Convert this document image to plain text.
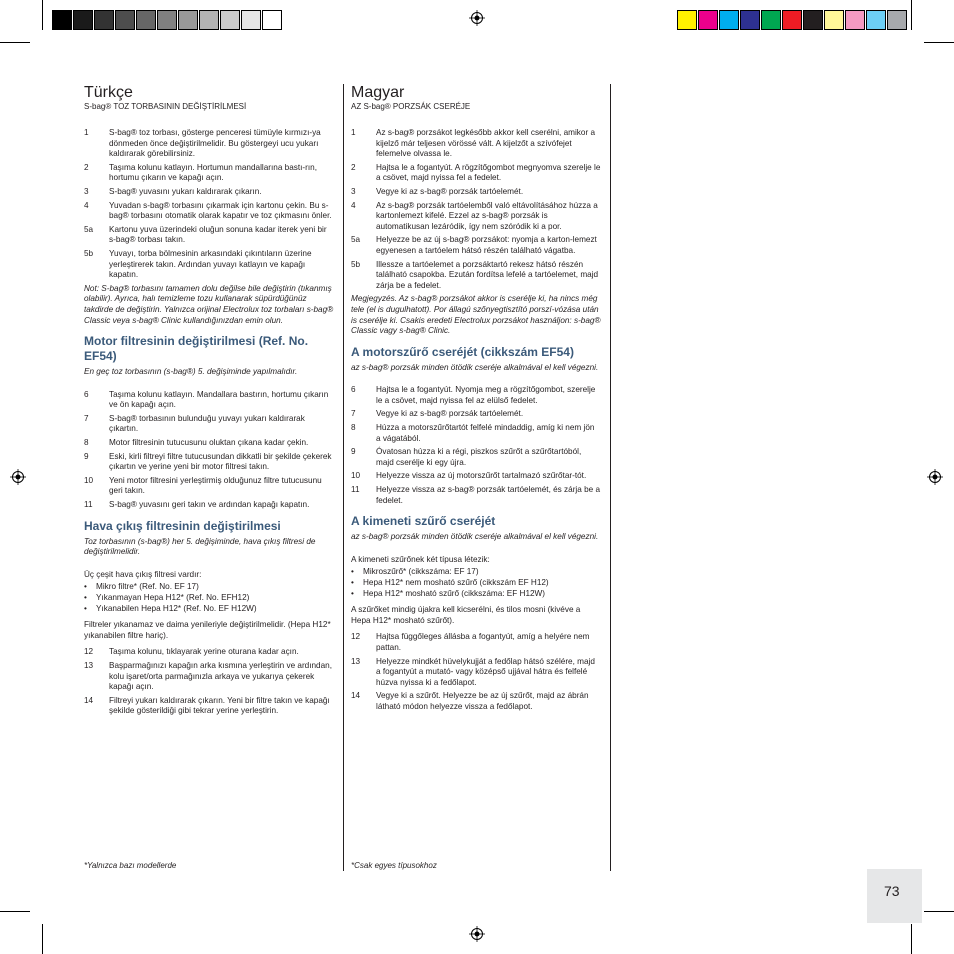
Türkçe
S-bag® TOZ TORBASININ DEĞİŞTİRİLMESİ
1	S-bag® toz torbası, gösterge penceresi tümüyle kırmızı-ya dönmeden önce değiştirilmelidir. Bu göstergeyi ucu yukarı kaldırarak görebilirsiniz.
2	Taşıma kolunu katlayın. Hortumun mandallarına bastı-rın, hortumu çıkarın ve kapağı açın.
3	S-bag® yuvasını yukarı kaldırarak çıkarın.
4	Yuvadan s-bag® torbasını çıkarmak için kartonu çekin. Bu s-bag® torbasını otomatik olarak kapatır ve toz çıkmasını önler.
5a	Kartonu yuva üzerindeki oluğun sonuna kadar iterek yeni bir s-bag® torbası takın.
5b	Yuvayı, torba bölmesinin arkasındaki çıkıntıların üzerine yerleştirerek takın. Ardından yuvayı katlayın ve kapağı kapatın.
Not: S-bag® torbasını tamamen dolu değilse bile değiştirin (tıkanmış olabilir). Ayrıca, halı temizleme tozu kullanarak süpürdüğünüz takdirde de değiştirin. Yalnızca orijinal Electrolux toz torbaları s-bag® Classic veya s-bag® Clinic kullandığınızdan emin olun.
Motor filtresinin değiştirilmesi (Ref. No. EF54)
En geç toz torbasının (s-bag®) 5. değişiminde yapılmalıdır.
6	Taşıma kolunu katlayın. Mandallara bastırın, hortumu çıkarın ve ön kapağı açın.
7	S-bag® torbasının bulunduğu yuvayı yukarı kaldırarak çıkartın.
8	Motor filtresinin tutucusunu oluktan çıkana kadar çekin.
9	Eski, kirli filtreyi filtre tutucusundan dikkatli bir şekilde çekerek çıkartın ve yerine yeni bir motor filtresi takın.
10	Yeni motor filtresini yerleştirmiş olduğunuz filtre tutucusunu geri takın.
11	S-bag® yuvasını geri takın ve ardından kapağı kapatın.
Hava çıkış filtresinin değiştirilmesi
Toz torbasının (s-bag®) her 5. değişiminde, hava çıkış filtresi de değiştirilmelidir.
Üç çeşit hava çıkış filtresi vardır:
•	Mikro filtre* (Ref. No. EF 17)
•	Yıkanmayan Hepa H12* (Ref. No. EFH12)
•	Yıkanabilen Hepa H12* (Ref. No. EF H12W)
Filtreler yıkanamaz ve daima yenileriyle değiştirilmelidir. (Hepa H12* yıkanabilen filtre hariç).
12	Taşıma kolunu, tıklayarak yerine oturana kadar açın.
13	Başparmağınızı kapağın arka kısmına yerleştirin ve ardından, kolu işaret/orta parmağınızla arkaya ve yukarıya çekerek kapağı açın.
14	Filtreyi yukarı kaldırarak çıkarın. Yeni bir filtre takın ve kapağı şekilde gösterildiği gibi tekrar yerine yerleştirin.
Magyar
AZ S-bag® PORZSÁK CSERÉJE
1	Az s-bag® porzsákot legkésőbb akkor kell cserélni, amikor a kijelző már teljesen vörössé vált. A kijelzőt a szívófejet felemelve olvassa le.
2	Hajtsa le a fogantyút. A rögzítőgombot megnyomva szerelje le a csövet, majd nyissa fel a fedelet.
3	Vegye ki az s-bag® porzsák tartóelemét.
4	Az s-bag® porzsák tartóelemből való eltávolításához húzza a kartonlemezt kifelé. Ezzel az s-bag® porzsák is automatikusan lezáródik, így nem szóródik ki a por.
5a	Helyezze be az új s-bag® porzsákot: nyomja a karton-lemezt egyenesen a tartóelem hátsó részén található vágatba.
5b	Illessze a tartóelemet a porzsáktartó rekesz hátsó részén található csapokba. Ezután fordítsa lefelé a tartóelemet, majd zárja be a fedelet.
Megjegyzés. Az s-bag® porzsákot akkor is cserélje ki, ha nincs még tele (el is dugulhatott). Por állagú szőnyegtisztító porszí-vózása után is cserélje ki. Csakis eredeti Electrolux porzsákot használjon: s-bag® Classic vagy s-bag® Clinic.
A motorszűrő cseréjét (cikkszám EF54)
az s-bag® porzsák minden ötödik cseréje alkalmával el kell végezni.
6	Hajtsa le a fogantyút. Nyomja meg a rögzítőgombot, szerelje le a csövet, majd nyissa fel az elülső fedelet.
7	Vegye ki az s-bag® porzsák tartóelemét.
8	Húzza a motorszűrőtartót felfelé mindaddig, amíg ki nem jön a vágatából.
9	Óvatosan húzza ki a régi, piszkos szűrőt a szűrőtartóból, majd cserélje ki egy újra.
10	Helyezze vissza az új motorszűrőt tartalmazó szűrőtar-tót.
11	Helyezze vissza az s-bag® porzsák tartóelemét, és zárja be a fedelet.
A kimeneti szűrő cseréjét
az s-bag® porzsák minden ötödik cseréje alkalmával el kell végezni.
A kimeneti szűrőnek két típusa létezik:
•	Mikroszűrő* (cikkszáma: EF 17)
•	Hepa H12* nem mosható szűrő (cikkszám EF H12)
•	Hepa H12* mosható szűrő (cikkszáma: EF H12W)
A szűrőket mindig újakra kell kicserélni, és tilos mosni (kivéve a Hepa H12* mosható szűrőt).
12	Hajtsa függőleges állásba a fogantyút, amíg a helyére nem pattan.
13	Helyezze mindkét hüvelykujját a fedőlap hátsó szélére, majd a fogantyút a mutató- vagy középső ujjával hátra és felfelé húzva nyissa ki a fedőlapot.
14	Vegye ki a szűrőt. Helyezze be az új szűrőt, majd az ábrán látható módon helyezze vissza a fedőlapot.
*Yalnızca bazı modellerde	*Csak egyes típusokhoz
73
